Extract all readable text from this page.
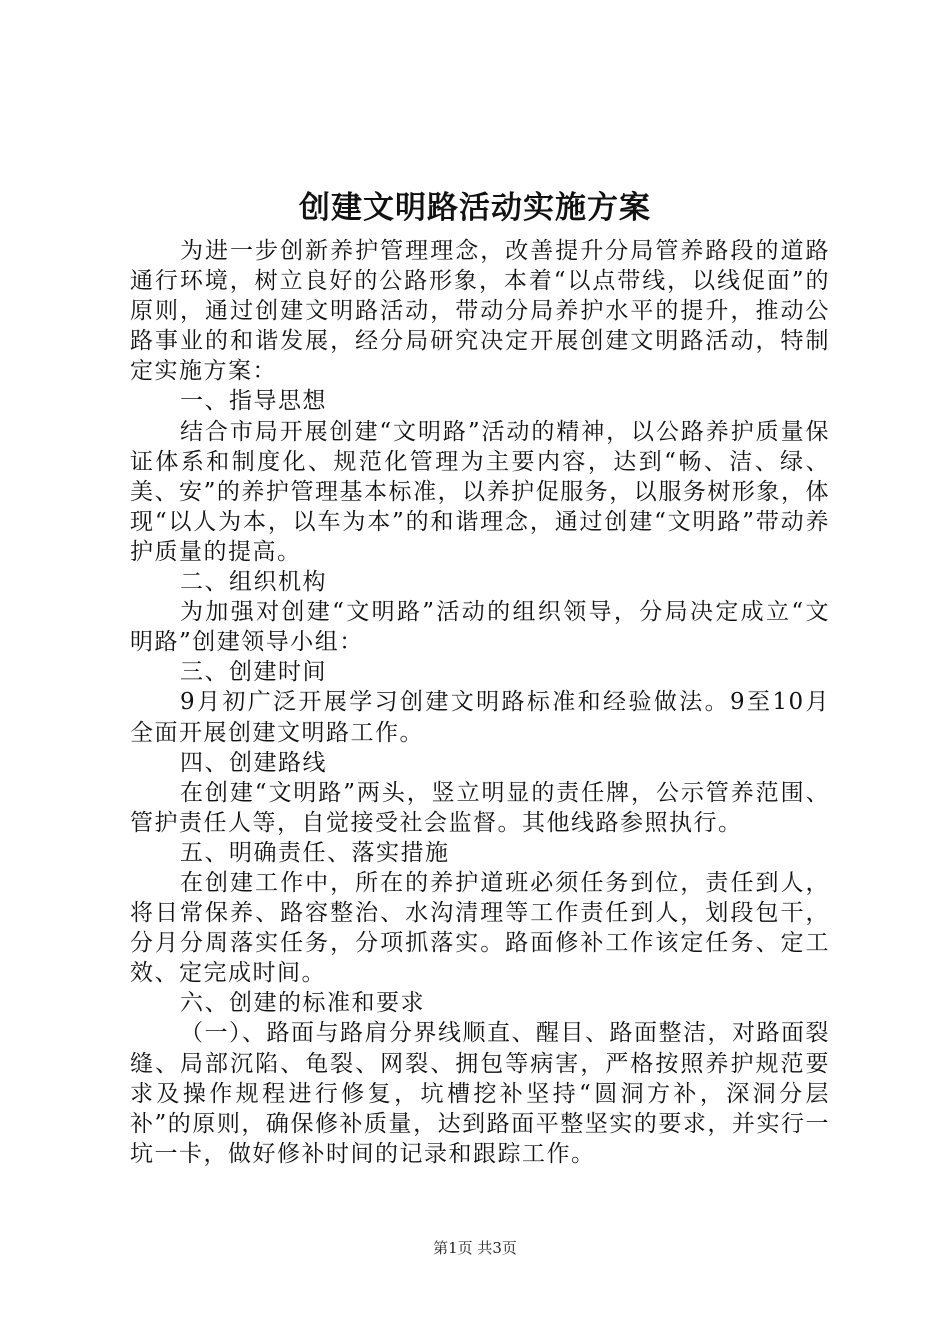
创建文明路活动实施方案

为进一步创新养护管理理念，改善提升分局管养路段的道路通行环境，树立良好的公路形象，本着“以点带线，以线促面”的原则，通过创建文明路活动，带动分局养护水平的提升，推动公路事业的和谐发展，经分局研究决定开展创建文明路活动，特制定实施方案：

一、指导思想

结合市局开展创建“文明路”活动的精神，以公路养护质量保证体系和制度化、规范化管理为主要内容，达到“畅、洁、绿、美、安”的养护管理基本标准，以养护促服务，以服务树形象，体现“以人为本，以车为本”的和谐理念，通过创建“文明路”带动养护质量的提高。

二、组织机构

为加强对创建“文明路”活动的组织领导，分局决定成立“文明路”创建领导小组：

三、创建时间

9月初广泛开展学习创建文明路标准和经验做法。9至10月全面开展创建文明路工作。

四、创建路线

在创建“文明路”两头，竖立明显的责任牌，公示管养范围、管护责任人等，自觉接受社会监督。其他线路参照执行。

五、明确责任、落实措施

在创建工作中，所在的养护道班必须任务到位，责任到人，将日常保养、路容整治、水沟清理等工作责任到人，划段包干，分月分周落实任务，分项抓落实。路面修补工作该定任务、定工效、定完成时间。

六、创建的标准和要求

（一）、路面与路肩分界线顺直、醒目、路面整洁，对路面裂缝、局部沉陷、龟裂、网裂、拥包等病害，严格按照养护规范要求及操作规程进行修复，坑槽挖补坚持“圆洞方补，深洞分层补”的原则，确保修补质量，达到路面平整坚实的要求，并实行一坑一卡，做好修补时间的记录和跟踪工作。

第1页 共3页
